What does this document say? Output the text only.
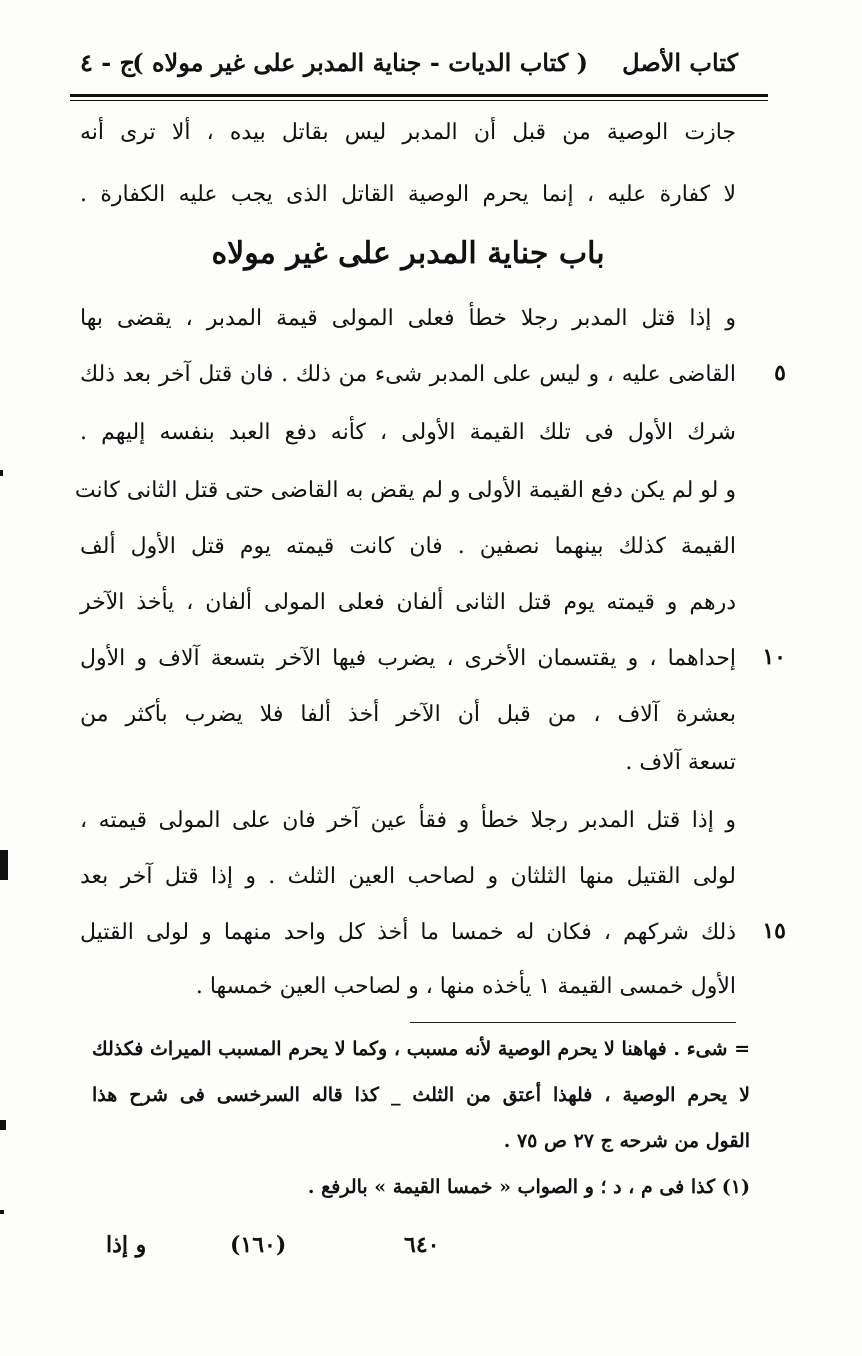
كتاب الأصل
( كتاب الديات - جناية المدبر على غير مولاه )
ج - ٤
جازت الوصية من قبل أن المدبر ليس بقاتل بيده ، ألا ترى أنه
لا كفارة عليه ، إنما يحرم الوصية القاتل الذى يجب عليه الكفارة .
باب جناية المدبر على غير مولاه
و إذا قتل المدبر رجلا خطأ فعلى المولى قيمة المدبر ، يقضى بها
٥
القاضى عليه ، و ليس على المدبر شىء من ذلك . فان قتل آخر بعد ذلك
شرك الأول فى تلك القيمة الأولى ، كأنه دفع العبد بنفسه إليهم .
و لو لم يكن دفع القيمة الأولى و لم يقض به القاضى حتى قتل الثانى كانت
القيمة كذلك بينهما نصفين . فان كانت قيمته يوم قتل الأول ألف
درهم و قيمته يوم قتل الثانى ألفان فعلى المولى ألفان ، يأخذ الآخر
١٠
إحداهما ، و يقتسمان الأخرى ، يضرب فيها الآخر بتسعة آلاف و الأول
بعشرة آلاف ، من قبل أن الآخر أخذ ألفا فلا يضرب بأكثر من
تسعة آلاف .
و إذا قتل المدبر رجلا خطأ و فقأ عين آخر فان على المولى قيمته ،
لولى القتيل منها الثلثان و لصاحب العين الثلث . و إذا قتل آخر بعد
١٥
ذلك شركهم ، فكان له خمسا ما أخذ كل واحد منهما و لولى القتيل
الأول خمسى القيمة ١ يأخذه منها ، و لصاحب العين خمسها .
= شىء . فهاهنا لا يحرم الوصية لأنه مسبب ، وكما لا يحرم المسبب الميراث فكذلك
لا يحرم الوصية ، فلهذا أعتق من الثلث _ كذا قاله السرخسى فى شرح هذا
القول من شرحه ج ٢٧ ص ٧٥ .
(١) كذا فى م ، د ؛ و الصواب « خمسا القيمة » بالرفع .
و إذا	(١٦٠)	٦٤٠
